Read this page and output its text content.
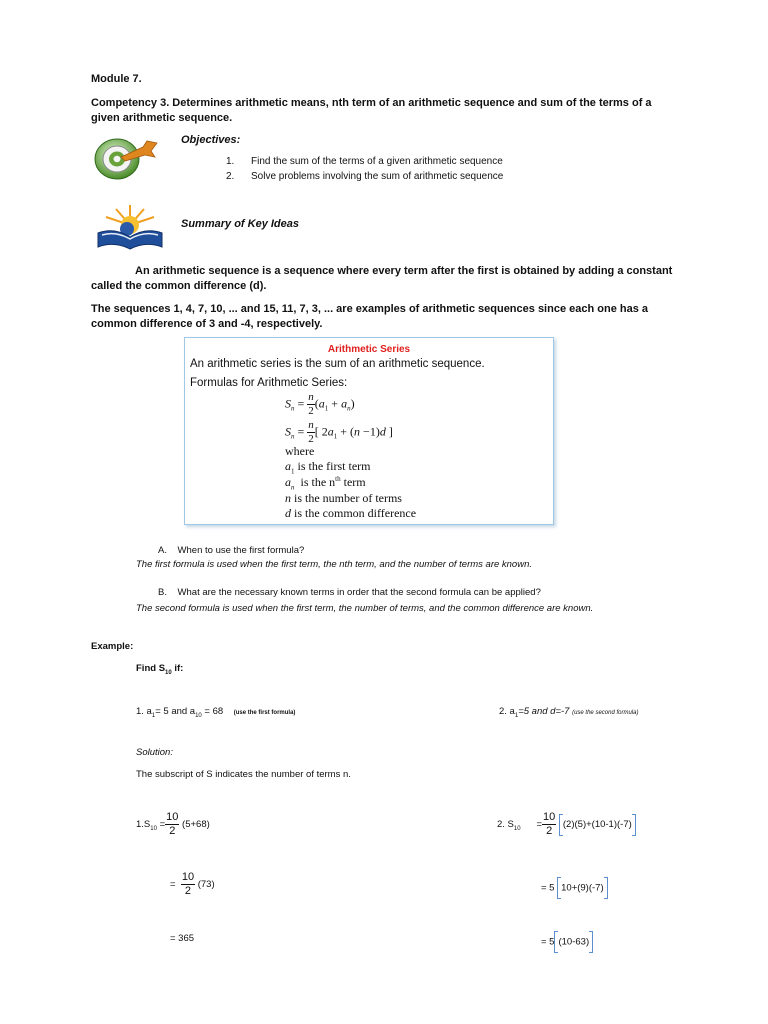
Module 7.
Competency 3. Determines arithmetic means, nth term of an arithmetic sequence and sum of the terms of a given arithmetic sequence.
Objectives:
1. Find the sum of the terms of a given arithmetic sequence
2. Solve problems involving the sum of arithmetic sequence
Summary of Key Ideas
An arithmetic sequence is a sequence where every term after the first is obtained by adding a constant called the common difference (d).
The sequences 1, 4, 7, 10, ... and 15, 11, 7, 3, ... are examples of arithmetic sequences since each one has a common difference of 3 and -4, respectively.
Arithmetic Series
An arithmetic series is the sum of an arithmetic sequence.
Formulas for Arithmetic Series:
$S_n = \frac{n}{2} (a_1 + a_n)$
$S_n = \frac{n}{2}$ [ $2a_1 + (n -1)d$ ]
where
$a_1$ is the first term
$a_n$ is the $n^{th}$ term
n is the number of terms
d is the common difference
A. When to use the first formula?
The first formula is used when the first term, the nth term, and the number of terms are known.
B. What are the necessary known terms in order that the second formula can be applied?
The second formula is used when the first term, the number of terms, and the common difference are known.
Example:
Find $S_{10}$ if:
1. $a_1= 5$ and $a_{10} = 68$ (use the first formula)	2. $a_1=5$ and d=-7 (use the second formula)
Solution:
The subscript of S indicates the number of terms n.
$1.S_{10} = \frac{10}{2} (5+68)$
= $\frac{10}{2} (73)$
= 365
2. $S_{10} = \frac{10}{2} (2)(5)+(10-1)(-7)$
= 5 10+(9)(-7)
= 5 (10-63)
